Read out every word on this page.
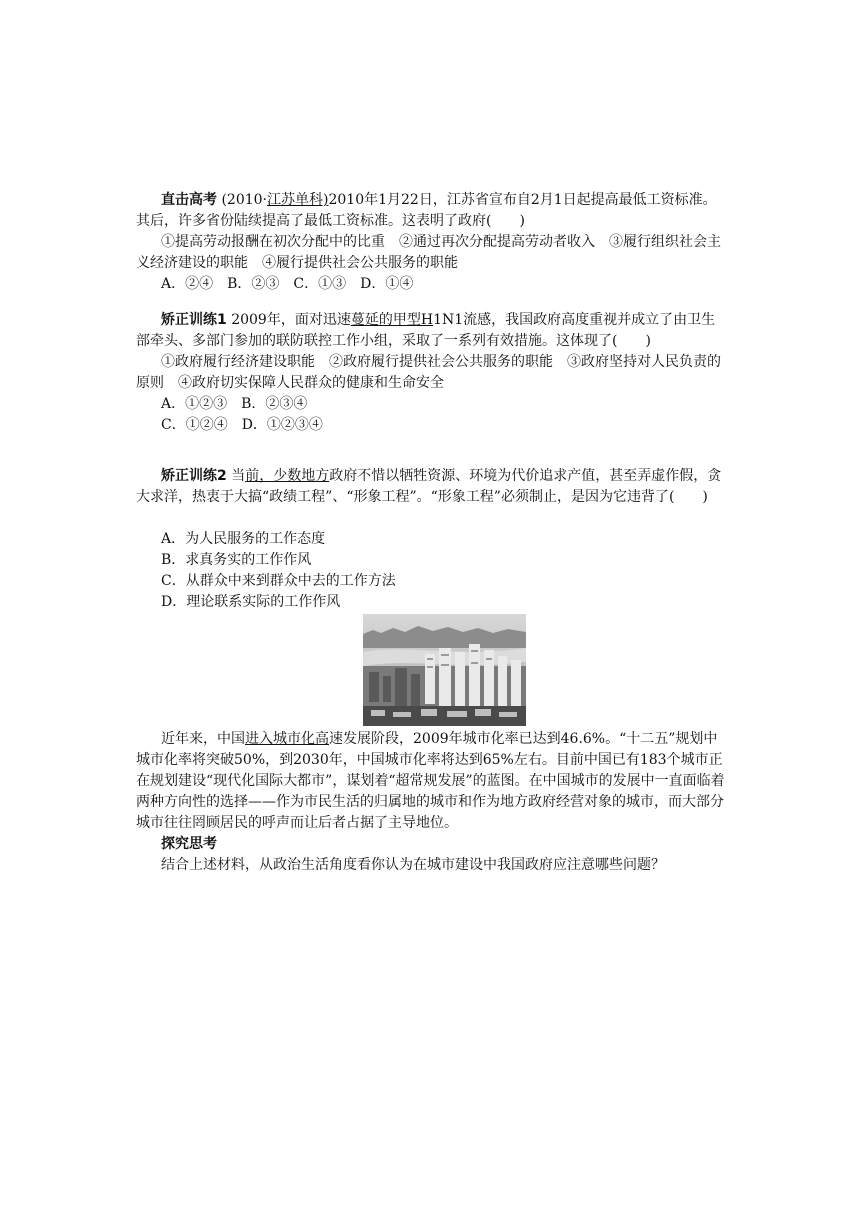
直击高考 (2010·江苏单科)2010年1月22日，江苏省宣布自2月1日起提高最低工资标准。其后，许多省份陆续提高了最低工资标准。这表明了政府(　　)

①提高劳动报酬在初次分配中的比重　②通过再次分配提高劳动者收入　③履行组织社会主义经济建设的职能　④履行提供社会公共服务的职能

A．②④　B．②③　C．①③　D．①④

矫正训练1 2009年，面对迅速蔓延的甲型H1N1流感，我国政府高度重视并成立了由卫生部牵头、多部门参加的联防联控工作小组，采取了一系列有效措施。这体现了(　　)

①政府履行经济建设职能　②政府履行提供社会公共服务的职能　③政府坚持对人民负责的原则　④政府切实保障人民群众的健康和生命安全

A．①②③　B．②③④

C．①②④　D．①②③④

矫正训练2 当前，少数地方政府不惜以牺牲资源、环境为代价追求产值，甚至弄虚作假，贪大求洋，热衷于大搞“政绩工程”、“形象工程”。“形象工程”必须制止，是因为它违背了(　　)

A．为人民服务的工作态度

B．求真务实的工作作风

C．从群众中来到群众中去的工作方法

D．理论联系实际的工作作风

近年来，中国进入城市化高速发展阶段，2009年城市化率已达到46.6%。“十二五”规划中城市化率将突破50%，到2030年，中国城市化率将达到65%左右。目前中国已有183个城市正在规划建设“现代化国际大都市”，谋划着“超常规发展”的蓝图。在中国城市的发展中一直面临着两种方向性的选择——作为市民生活的归属地的城市和作为地方政府经营对象的城市，而大部分城市往往罔顾居民的呼声而让后者占据了主导地位。

探究思考

结合上述材料，从政治生活角度看你认为在城市建设中我国政府应注意哪些问题？
